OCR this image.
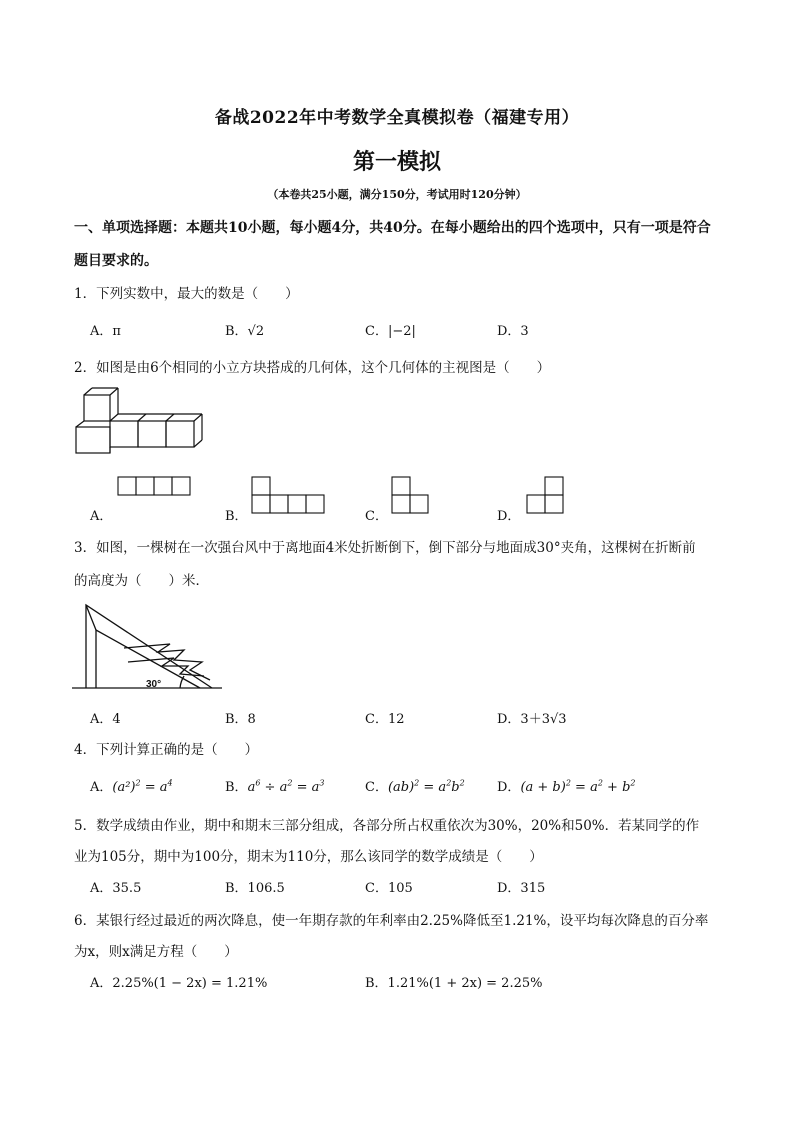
备战2022年中考数学全真模拟卷（福建专用）
第一模拟
（本卷共25小题，满分150分，考试用时120分钟）
一、单项选择题：本题共10小题，每小题4分，共40分。在每小题给出的四个选项中，只有一项是符合
题目要求的。
1．下列实数中，最大的数是（　　）
A．π	B．√2	C．|−2|	D．3
2．如图是由6个相同的小立方块搭成的几何体，这个几何体的主视图是（　　）
A．	B．	C．	D．
3．如图，一棵树在一次强台风中于离地面4米处折断倒下，倒下部分与地面成30°夹角，这棵树在折断前
的高度为（　　）米．
30°
A．4	B．8	C．12	D．3＋3√3
4．下列计算正确的是（　　）
A．$(a^2)^2 = a^4$	B．$a^6 \div a^2 = a^3$	C．$(ab)^2 = a^2b^2$ D．$(a + b)^2 = a^2 + b^2$
5．数学成绩由作业，期中和期末三部分组成，各部分所占权重依次为30%，20%和50%．若某同学的作
业为105分，期中为100分，期末为110分，那么该同学的数学成绩是（　　）
A．35.5	B．106.5	C．105	D．315
6．某银行经过最近的两次降息，使一年期存款的年利率由2.25%降低至1.21%，设平均每次降息的百分率
为x，则x满足方程（　　）
A．2.25%(1 − 2x) = 1.21%	B．1.21%(1 + 2x) = 2.25%
